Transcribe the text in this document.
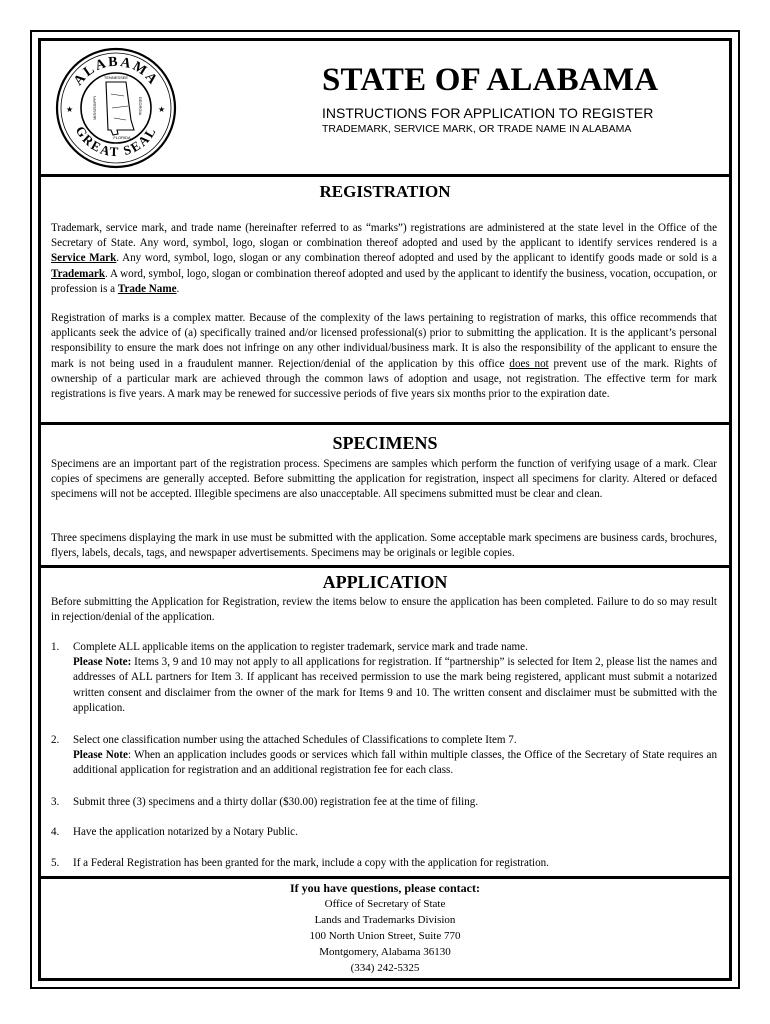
ALABAMA
GREAT SEAL
★	★
TENNESSEE
MISSISSIPPI	GEORGIA
FLORIDA
STATE OF ALABAMA
INSTRUCTIONS FOR APPLICATION TO REGISTER
TRADEMARK, SERVICE MARK, OR TRADE NAME IN ALABAMA
REGISTRATION
Trademark, service mark, and trade name (hereinafter referred to as “marks”) registrations are administered at the state level in the Office of the Secretary of State. Any word, symbol, logo, slogan or combination thereof adopted and used by the applicant to identify services rendered is a Service Mark. Any word, symbol, logo, slogan or any combination thereof adopted and used by the applicant to identify goods made or sold is a Trademark. A word, symbol, logo, slogan or combination thereof adopted and used by the applicant to identify the business, vocation, occupation, or profession is a Trade Name.
Registration of marks is a complex matter. Because of the complexity of the laws pertaining to registration of marks, this office recommends that applicants seek the advice of (a) specifically trained and/or licensed professional(s) prior to submitting the application. It is the applicant’s personal responsibility to ensure the mark does not infringe on any other individual/business mark. It is also the responsibility of the applicant to ensure the mark is not being used in a fraudulent manner. Rejection/denial of the application by this office does not prevent use of the mark. Rights of ownership of a particular mark are achieved through the common laws of adoption and usage, not registration. The effective term for mark registrations is five years. A mark may be renewed for successive periods of five years six months prior to the expiration date.
SPECIMENS
Specimens are an important part of the registration process. Specimens are samples which perform the function of verifying usage of a mark. Clear copies of specimens are generally accepted. Before submitting the application for registration, inspect all specimens for clarity. Altered or defaced specimens will not be accepted. Illegible specimens are also unacceptable. All specimens submitted must be clear and clean.
Three specimens displaying the mark in use must be submitted with the application. Some acceptable mark specimens are business cards, brochures, flyers, labels, decals, tags, and newspaper advertisements. Specimens may be originals or legible copies.
APPLICATION
Before submitting the Application for Registration, review the items below to ensure the application has been completed. Failure to do so may result in rejection/denial of the application.
1. Complete ALL applicable items on the application to register trademark, service mark and trade name.
Please Note: Items 3, 9 and 10 may not apply to all applications for registration. If “partnership” is selected for Item 2, please list the names and addresses of ALL partners for Item 3. If applicant has received permission to use the mark being registered, applicant must submit a notarized written consent and disclaimer from the owner of the mark for Items 9 and 10. The written consent and disclaimer must be submitted with the application.
2. Select one classification number using the attached Schedules of Classifications to complete Item 7.
Please Note: When an application includes goods or services which fall within multiple classes, the Office of the Secretary of State requires an additional application for registration and an additional registration fee for each class.
3. Submit three (3) specimens and a thirty dollar ($30.00) registration fee at the time of filing.
4. Have the application notarized by a Notary Public.
5. If a Federal Registration has been granted for the mark, include a copy with the application for registration.
If you have questions, please contact:
Office of Secretary of State
Lands and Trademarks Division
100 North Union Street, Suite 770
Montgomery, Alabama 36130
(334) 242-5325
